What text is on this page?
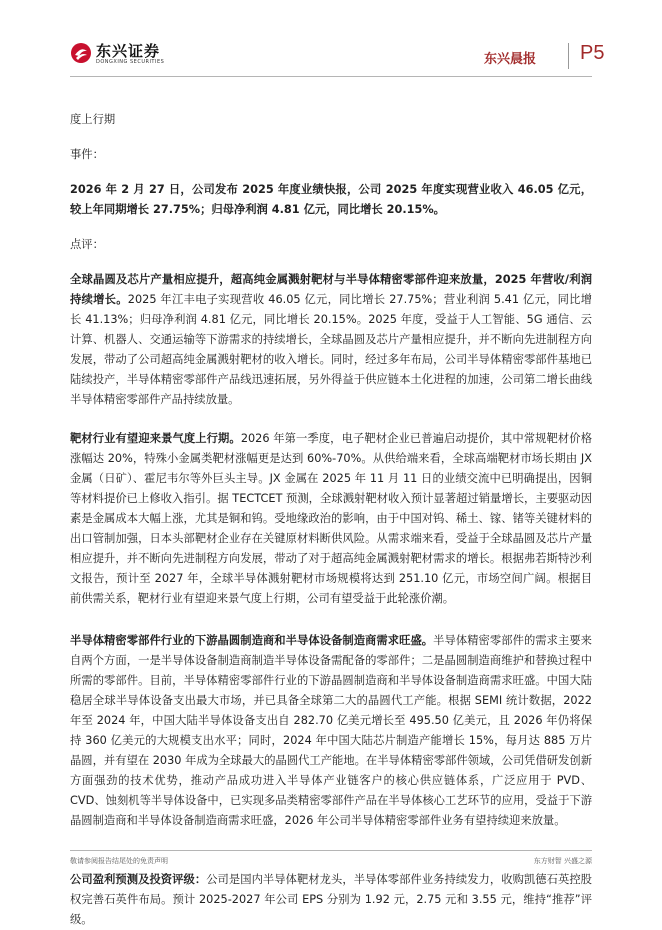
东兴证券
DONGXING SECURITIES	东兴晨报 P5

度上行期

事件：

2026 年 2 月 27 日，公司发布 2025 年度业绩快报，公司 2025 年度实现营业收入 46.05 亿元，较上年同期增长 27.75%；归母净利润 4.81 亿元，同比增长 20.15%。

点评：

全球晶圆及芯片产量相应提升，超高纯金属溅射靶材与半导体精密零部件迎来放量，2025 年营收/利润持续增长。2025 年江丰电子实现营收 46.05 亿元，同比增长 27.75%；营业利润 5.41 亿元，同比增长 41.13%；归母净利润 4.81 亿元，同比增长 20.15%。2025 年度，受益于人工智能、5G 通信、云计算、机器人、交通运输等下游需求的持续增长，全球晶圆及芯片产量相应提升，并不断向先进制程方向发展，带动了公司超高纯金属溅射靶材的收入增长。同时，经过多年布局，公司半导体精密零部件基地已陆续投产，半导体精密零部件产品线迅速拓展，另外得益于供应链本土化进程的加速，公司第二增长曲线半导体精密零部件产品持续放量。

靶材行业有望迎来景气度上行期。2026 年第一季度，电子靶材企业已普遍启动提价，其中常规靶材价格涨幅达 20%，特殊小金属类靶材涨幅更是达到 60%-70%。从供给端来看，全球高端靶材市场长期由 JX 金属（日矿）、霍尼韦尔等外巨头主导。JX 金属在 2025 年 11 月 11 日的业绩交流中已明确提出，因铜等材料提价已上修收入指引。据 TECTCET 预测，全球溅射靶材收入预计显著超过销量增长，主要驱动因素是金属成本大幅上涨，尤其是铜和钨。受地缘政治的影响，由于中国对钨、稀土、镓、锗等关键材料的出口管制加强，日本头部靶材企业存在关键原材料断供风险。从需求端来看，受益于全球晶圆及芯片产量相应提升，并不断向先进制程方向发展，带动了对于超高纯金属溅射靶材需求的增长。根据弗若斯特沙利文报告，预计至 2027 年，全球半导体溅射靶材市场规模将达到 251.10 亿元，市场空间广阔。根据目前供需关系，靶材行业有望迎来景气度上行期，公司有望受益于此轮涨价潮。

半导体精密零部件行业的下游晶圆制造商和半导体设备制造商需求旺盛。半导体精密零部件的需求主要来自两个方面，一是半导体设备制造商制造半导体设备需配备的零部件；二是晶圆制造商维护和替换过程中所需的零部件。目前，半导体精密零部件行业的下游晶圆制造商和半导体设备制造商需求旺盛。中国大陆稳居全球半导体设备支出最大市场，并已具备全球第二大的晶圆代工产能。根据 SEMI 统计数据，2022 年至 2024 年，中国大陆半导体设备支出自 282.70 亿美元增长至 495.50 亿美元，且 2026 年仍将保持 360 亿美元的大规模支出水平；同时，2024 年中国大陆芯片制造产能增长 15%，每月达 885 万片晶圆，并有望在 2030 年成为全球最大的晶圆代工产能地。在半导体精密零部件领域，公司凭借研发创新方面强劲的技术优势，推动产品成功进入半导体产业链客户的核心供应链体系，广泛应用于 PVD、CVD、蚀刻机等半导体设备中，已实现多品类精密零部件产品在半导体核心工艺环节的应用，受益于下游晶圆制造商和半导体设备制造商需求旺盛，2026 年公司半导体精密零部件业务有望持续迎来放量。

公司盈利预测及投资评级：公司是国内半导体靶材龙头，半导体零部件业务持续发力，收购凯德石英控股权完善石英件布局。预计 2025-2027 年公司 EPS 分别为 1.92 元，2.75 元和 3.55 元，维持“推荐”评级。

敬请参阅报告结尾处的免责声明	东方财智 兴盛之源
